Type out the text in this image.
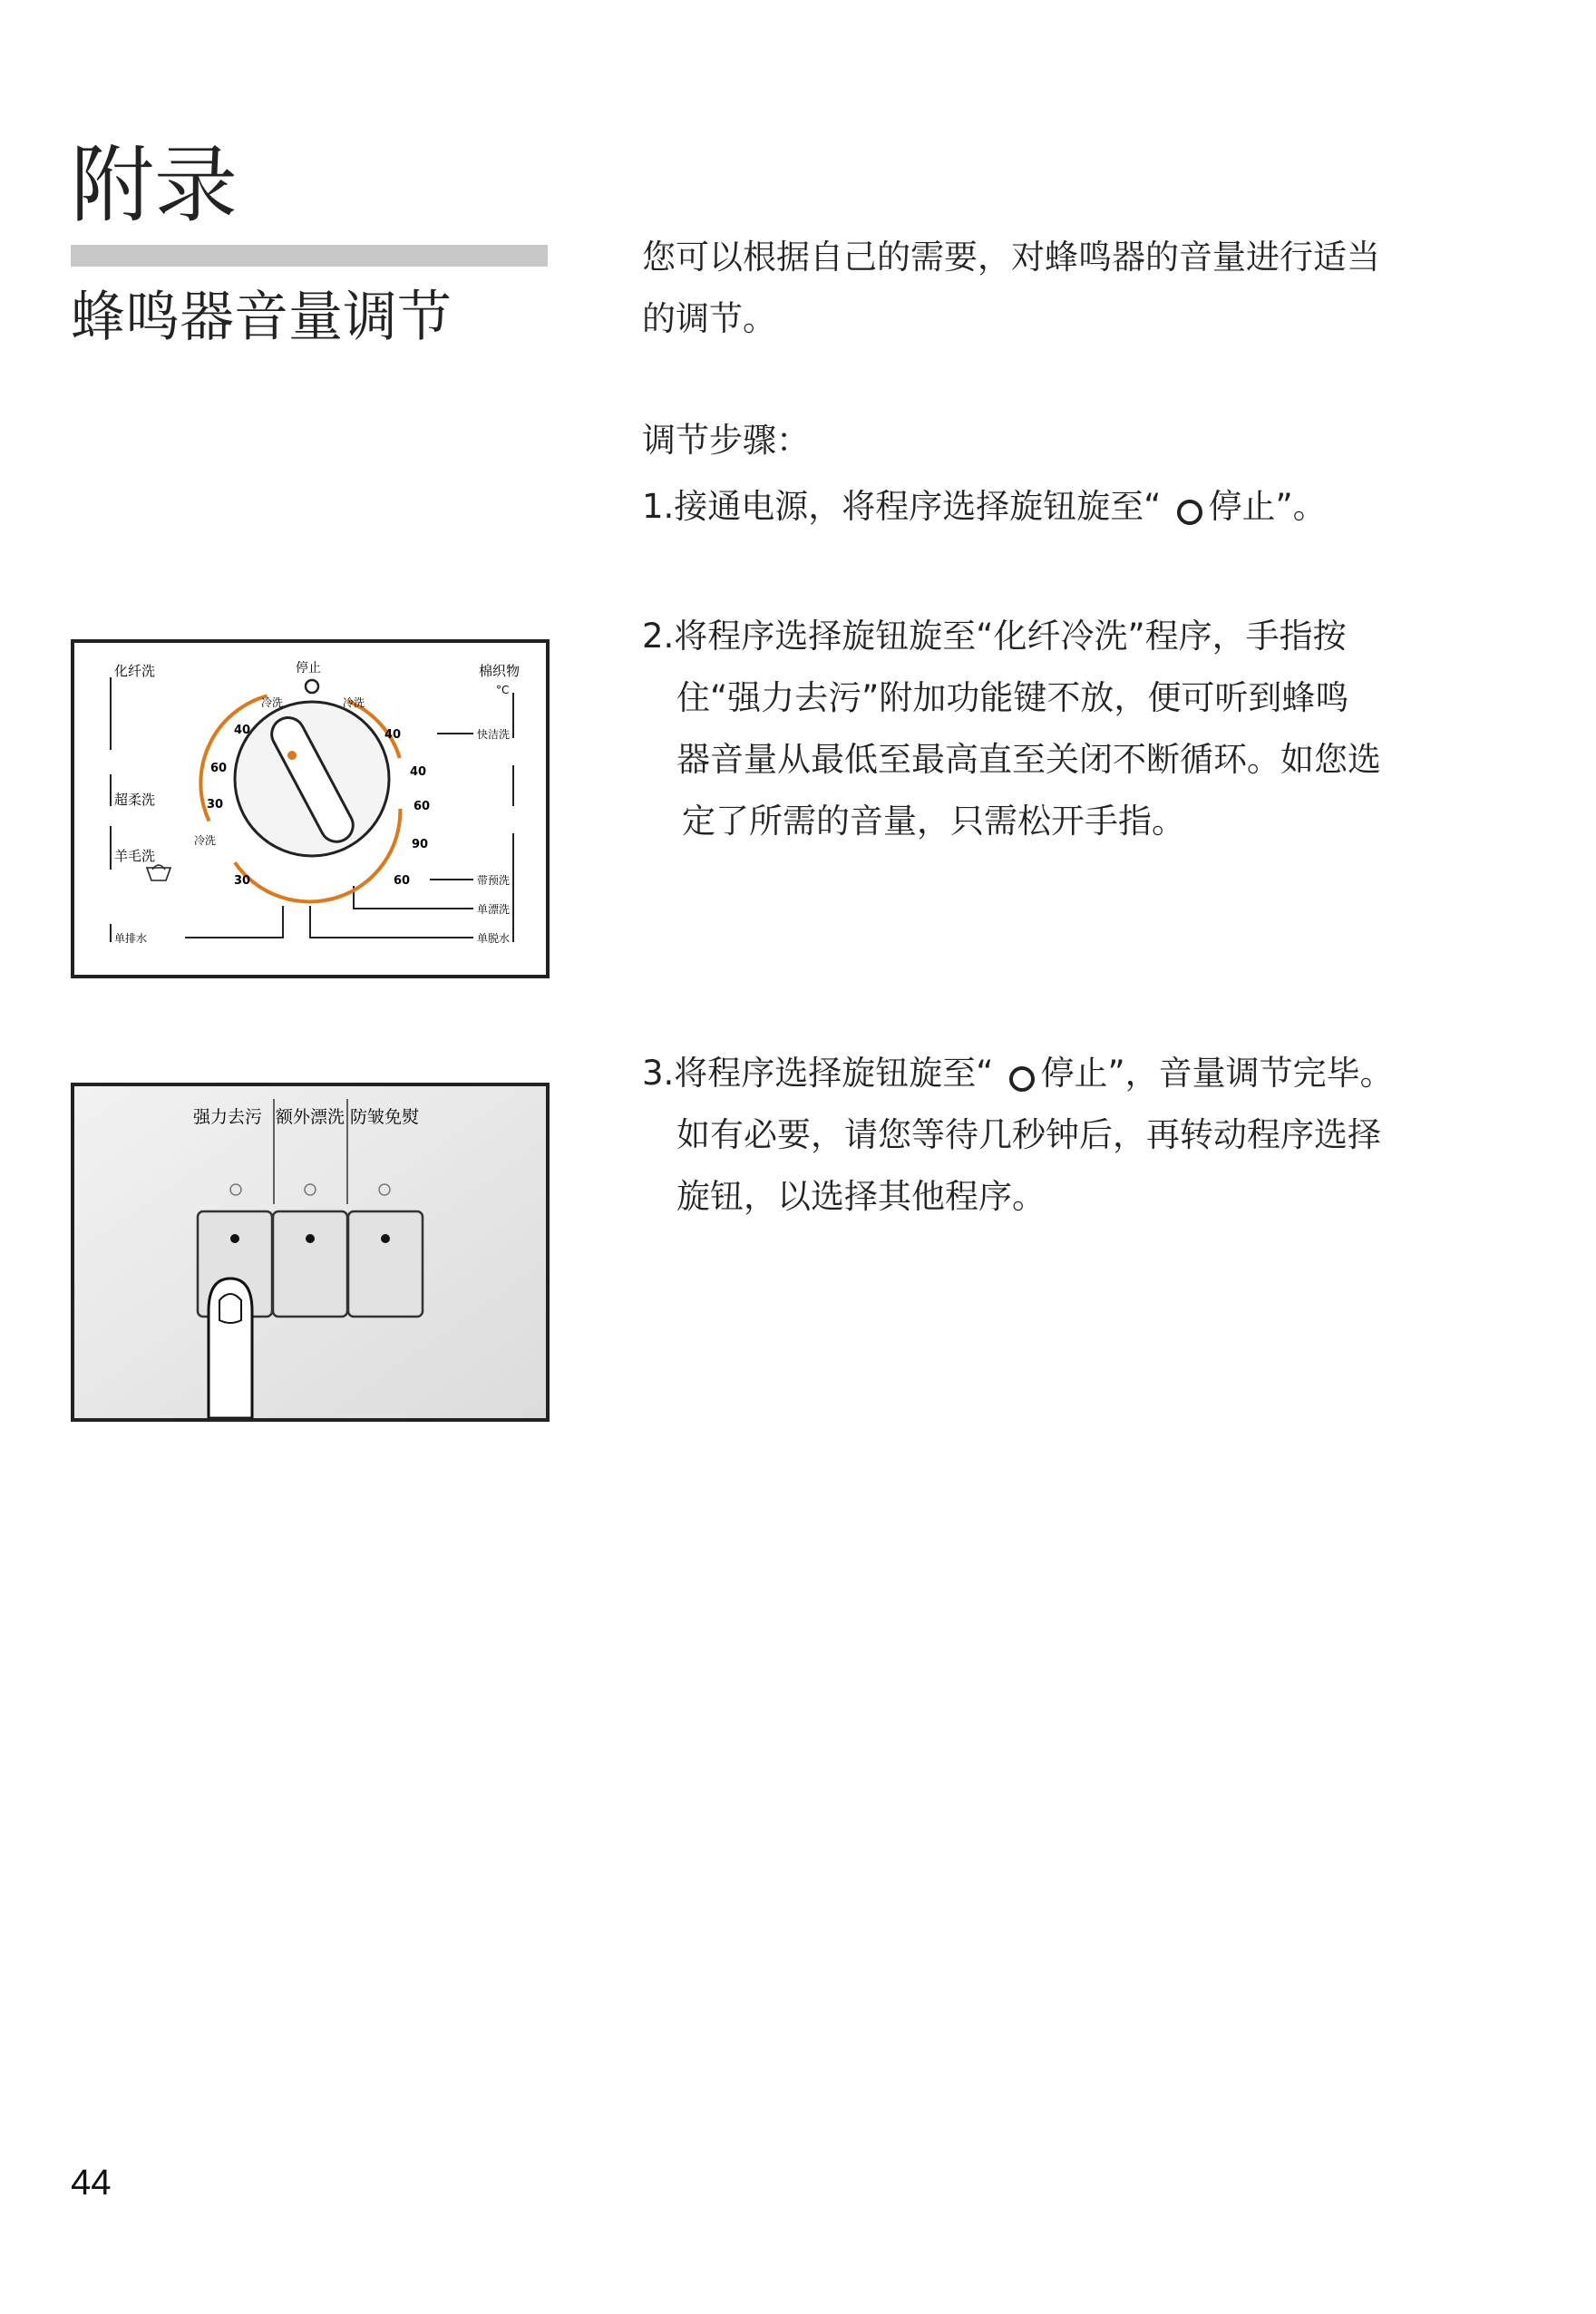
附录
蜂鸣器音量调节
您可以根据自己的需要，对蜂鸣器的音量进行适当
的调节。
调节步骤：
1.接通电源，将程序选择旋钮旋至“ 停止”。
2.将程序选择旋钮旋至“化纤冷洗”程序，手指按
住“强力去污”附加功能键不放，便可听到蜂鸣
器音量从最低至最高直至关闭不断循环。如您选
定了所需的音量，只需松开手指。
3.将程序选择旋钮旋至“ 停止”，音量调节完毕。
如有必要，请您等待几秒钟后，再转动程序选择
旋钮，以选择其他程序。
化纤洗	停止	棉织物
°C
冷洗	冷洗
快洁洗
超柔洗
羊毛洗
冷洗
带预洗
单漂洗
单脱水
单排水
40
60
30
30
40
40
60
90
60
强力去污 额外漂洗 防皱免熨
44
